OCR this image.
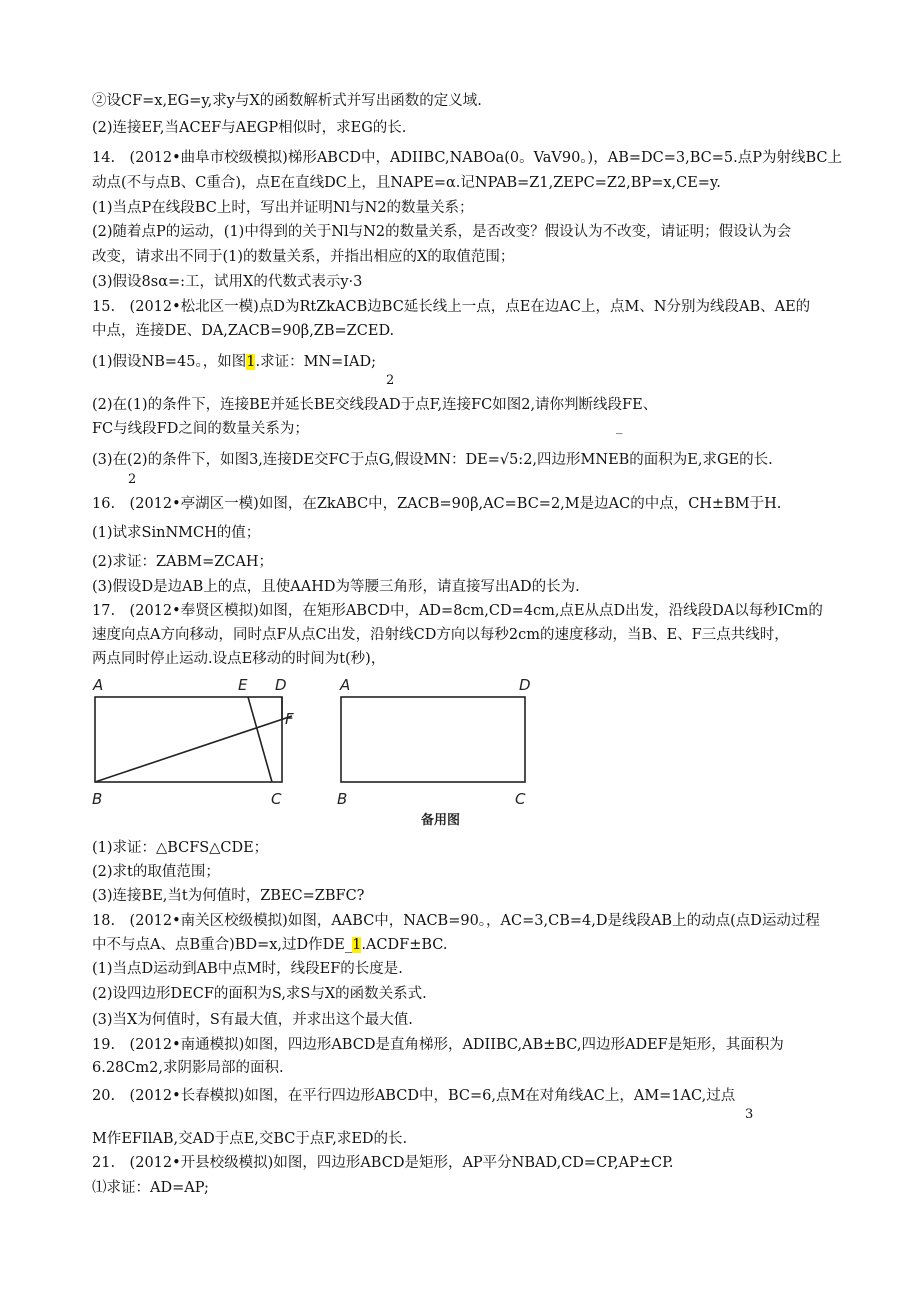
②设CF=x,EG=y,求y与X的函数解析式并写出函数的定义域.
(2)连接EF,当ACEF与AEGP相似时，求EG的长.
14.　(2012•曲阜市校级模拟)梯形ABCD中，ADIIBC,NABOa(0。VaV90。)，AB=DC=3,BC=5.点P为射线BC上
动点(不与点B、C重合)，点E在直线DC上，且NAPE=α.记NPAB=Z1,ZEPC=Z2,BP=x,CE=y.
(1)当点P在线段BC上时，写出并证明Nl与N2的数量关系；
(2)随着点P的运动，(1)中得到的关于Nl与N2的数量关系，是否改变？假设认为不改变，请证明；假设认为会
改变，请求出不同于(1)的数量关系，并指出相应的X的取值范围；
(3)假设8sα=:工，试用X的代数式表示y·3
15.　(2012•松北区一模)点D为RtZkACB边BC延长线上一点，点E在边AC上，点M、N分别为线段AB、AE的
中点，连接DE、DA,ZACB=90β,ZB=ZCED.
(1)假设NB=45。，如图1.求证：MN=IAD;
2
(2)在(1)的条件下，连接BE并延长BE交线段AD于点F,连接FC如图2,请你判断线段FE、
FC与线段FD之间的数量关系为；	_
(3)在(2)的条件下，如图3,连接DE交FC于点G,假设MN：DE=√5:2,四边形MNEB的面积为E,求GE的长.
2
16.　(2012•亭湖区一模)如图，在ZkABC中，ZACB=90β,AC=BC=2,M是边AC的中点，CH±BM于H.
(1)试求SinNMCH的值；
(2)求证：ZABM=ZCAH；
(3)假设D是边AB上的点，且使AAHD为等腰三角形，请直接写出AD的长为.
17.　(2012•奉贤区模拟)如图，在矩形ABCD中，AD=8cm,CD=4cm,点E从点D出发，沿线段DA以每秒ICm的
速度向点A方向移动，同时点F从点C出发，沿射线CD方向以每秒2cm的速度移动，当B、E、F三点共线时，
两点同时停止运动.设点E移动的时间为t(秒)，
A	E D
F
B	C
A	D
B	C
备用图
(1)求证：△BCFS△CDE；
(2)求t的取值范围；
(3)连接BE,当t为何值时，ZBEC=ZBFC?
18.　(2012•南关区校级模拟)如图，AABC中，NACB=90。，AC=3,CB=4,D是线段AB上的动点(点D运动过程
中不与点A、点B重合)BD=x,过D作DE_1.ACDF±BC.
(1)当点D运动到AB中点M时，线段EF的长度是.
(2)设四边形DECF的面积为S,求S与X的函数关系式.
(3)当X为何值时，S有最大值，并求出这个最大值.
19.　(2012•南通模拟)如图，四边形ABCD是直角梯形，ADIIBC,AB±BC,四边形ADEF是矩形，其面积为
6.28Cm2,求阴影局部的面积.
20.　(2012•长春模拟)如图，在平行四边形ABCD中，BC=6,点M在对角线AC上，AM=1AC,过点
3
M作EFIlAB,交AD于点E,交BC于点F,求ED的长.
21.　(2012•开县校级模拟)如图，四边形ABCD是矩形，AP平分NBAD,CD=CP,AP±CP.
⑴求证：AD=AP;
